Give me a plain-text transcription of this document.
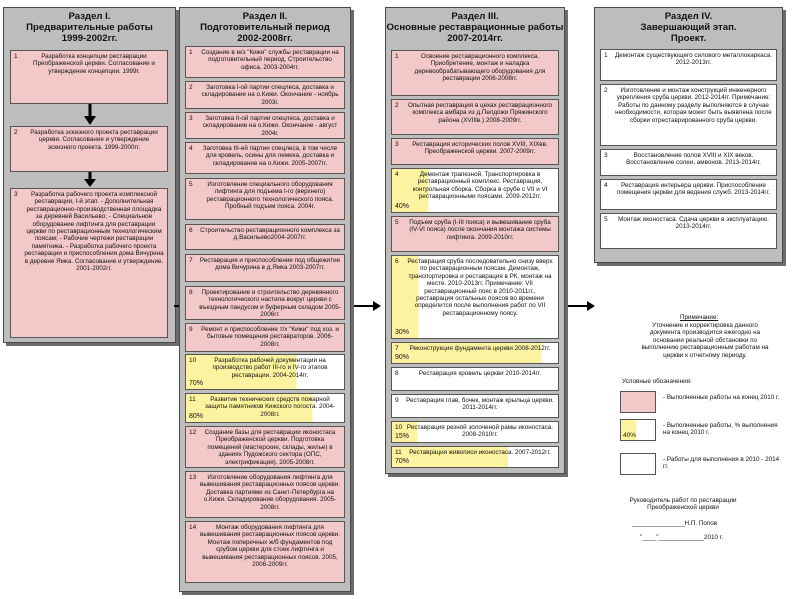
Раздел I.
Предварительные работы
1999-2002гг.
1	Разработка концепции реставрации Преображенской церкви. Согласование и утверждение концепции. 1999г.
2	Разработка эскизного проекта реставрации церкви. Согласование и утверждение эскизного проекта. 1999-2000гг.
3	Разработка рабочего проекта комплексной реставрации, I-й этап. - Дополнительная реставрационно-производственная площадка за деревней Васильево; - Специальное оборудование лифтинга для реставрации церкви по реставрационным технологическим поясам; - Рабочие чертежи реставрации памятника. - Разработка рабочего проекта реставрации и приспособления дома Вичурина в деревне Ямка. Согласование и утверждение. 2001-2002гг.
Раздел II.
Подготовительный период
2002-2008гг.
1	Создание в м/з "Кижи" службы реставрации на подготовительный период. Строительство офиса. 2003-2004гг.
2	Заготовка I-ой партии спецлеса, доставка и складирование на о.Кижи. Окончание - ноябрь 2003г.
3	Заготовка II-ой партии спецлеса, доставка и складирование на о.Кижи. Окончание - август 2004г.
4	Заготовка III-ей партии спецлеса, в том числе для кровель, осины для лемеха, доставка и складирование на о.Кижи. 2005-2007гг.
5	Изготовление специального оборудования лифтинга для подъема I-го (верхнего) реставрационного технологического пояса. Пробный подъем пояса. 2004г.
6 Строительство реставрационного комплекса за д.Васильево2004-2007гг.
7 Реставрация и приспособление под общежитие дома Вичурина в д.Ямка 2003-2007гг.
8	Проектирование и строительство деревянного технологического настила вокруг церкви с въездным пандусом и буферным складом 2005-2006гг.
9	Ремонт и приспособление т/х "Кижи" под хоз. и бытовые помещения реставраторов. 2006-2008гг.
10	Разработка рабочей документации на производство работ III-го и IV-го этапов реставрации. 2004-2014гг.
70%
11	Развитие технических средств пожарной защиты памятников Кижского погоста. 2004-2008гг.
80%
12	Создание базы для реставрации иконостаса Преображенской церкви. Подготовка помещений (мастерские, склады, жилье) в зданиях Пудожского сектора (ОПС, электрификация). 2005-2008гг.
13	Изготовление оборудования лифтинга для вывешивания реставрационных поясов церкви. Доставка партиями из Санкт-Петербурга на о.Кижи. Складирование оборудования. 2005-2008гг.
14	Монтаж оборудования лифтинга для вывешивания реставрационных поясов церкви. Монтаж поперечных ж/б фундаментов под срубом церкви для стоек лифтинга и вывешивания реставрационных поясов. 2005, 2006-2009гг.
Раздел III.
Основные реставрационные работы
2007-2014гг.
1	Освоение реставрационного комплекса. Приобретение, монтаж и наладка деревообрабатывающего оборудования для реставрации 2006-2008гг.
2	Опытная реставрация в цехах реставрационного комплекса амбара из д.Пелдожи Пряжинского района (XVIIIв.) 2008-2009гг.
3	Реставрация исторических полов XVIII, XIXвв. Преображенской церкви. 2007-2009гг.
4	Демонтаж трапезной. Транспортировка в реставрационный комплекс. Реставрация, контрольная сборка. Сборка в срубе с VII и VI реставрационными поясами. 2009-2012гг.
40%
5	Подъем сруба (I-III пояса) и вывешивание сруба (IV-VI пояса) после окончания монтажа системы лифтинга. 2009-2010гг.
6	Реставрация сруба последовательно снизу вверх по реставрационным поясам. Демонтаж, транспортировка и реставрация в РК, монтаж на месте. 2010-2013гг. Примечание: VII реставрационный пояс в 2010-2011гг., реставрация остальных поясов во времени определится после выполнения работ по VII реставрационному поясу.
30%
7	Реконструкция фундамента церкви 2008-2012гг.
90%
8	Реставрация кровель церкви 2010-2014гг.
9 Реставрация глав, бочек, монтаж крыльца церкви. 2011-2014гг.
10 Реставрация резной золоченой рамы иконостаса. 2008-2010гг.
15%
11	Реставрация живописи иконостаса. 2007-2012гг.
70%
Раздел IV.
Завершающий этап.
Проект.
1 Демонтаж существующего силового металлокаркаса. 2012-2013гг.
2	Изготовление и монтаж конструкций инженерного укрепления сруба церкви. 2012-2014гг. Примечание: Работы по данному разделу выполняются в случае необходимости, которая может быть выявлена после сборки отреставрированного сруба церкви.
3	Восстановление полов XVIII и XIX веков. Восстановление солеи, амвонов. 2013-2014гг.
4	Реставрация интерьера церкви. Приспособление помещения церкви для ведения служб. 2013-2014гг.
5	Монтаж иконостаса. Сдача церкви в эксплуатацию. 2013-2014гг.
Примечание:
Уточнение и корректировка данного документа производится ежегодно на основании реальной обстановки по выполнению реставрационным работам на церкви к отчетному периоду.
Условные обозначения:
- Выполненные работы на конец 2010 г.
40%
- Выполненные работы, % выполнения на конец 2010 г.
- Работы для выполнения в 2010 - 2014 гг.
Руководитель работ по реставрации Преображенской церкви
_______________Н.П. Попов
"____"_____________2010 г.
